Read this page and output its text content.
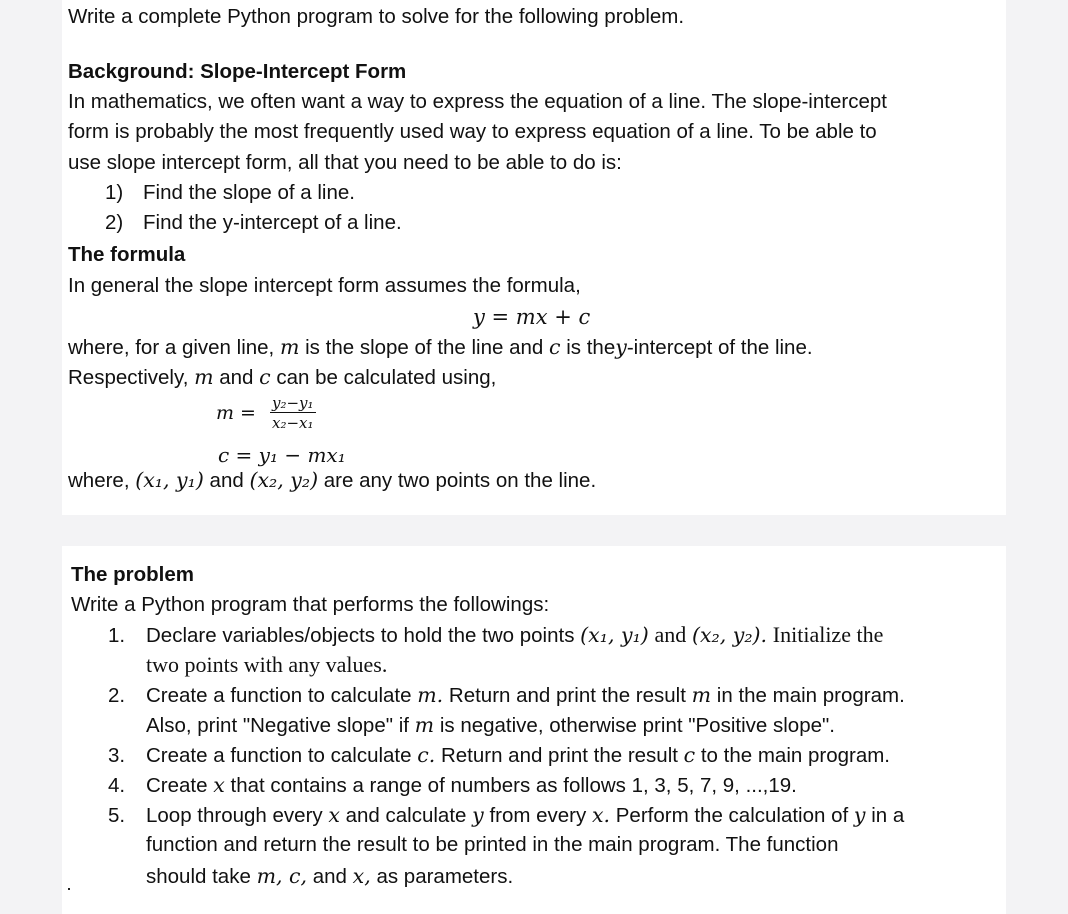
Write a complete Python program to solve for the following problem.
Background: Slope-Intercept Form
In mathematics, we often want a way to express the equation of a line. The slope-intercept
form is probably the most frequently used way to express equation of a line. To be able to
use slope intercept form, all that you need to be able to do is:
1) Find the slope of a line.
2) Find the y-intercept of a line.
The formula
In general the slope intercept form assumes the formula,
y = mx + c
where, for a given line, m is the slope of the line and c is they-intercept of the line.
Respectively, m and c can be calculated using,
$m = \frac{\text{y₂−y₁}}{\text{x₂−x₁}}$
c = y₁ − mx₁
where, (x₁, y₁) and (x₂, y₂) are any two points on the line.
The problem
Write a Python program that performs the followings:
1. Declare variables/objects to hold the two points (x₁, y₁) and (x₂, y₂). Initialize the
two points with any values.
2. Create a function to calculate m. Return and print the result m in the main program.
Also, print "Negative slope" if m is negative, otherwise print "Positive slope".
3. Create a function to calculate c. Return and print the result c to the main program.
4. Create x that contains a range of numbers as follows 1, 3, 5, 7, 9, ...,19.
5. Loop through every x and calculate y from every x. Perform the calculation of y in a
function and return the result to be printed in the main program. The function
should take m, c, and x, as parameters.
